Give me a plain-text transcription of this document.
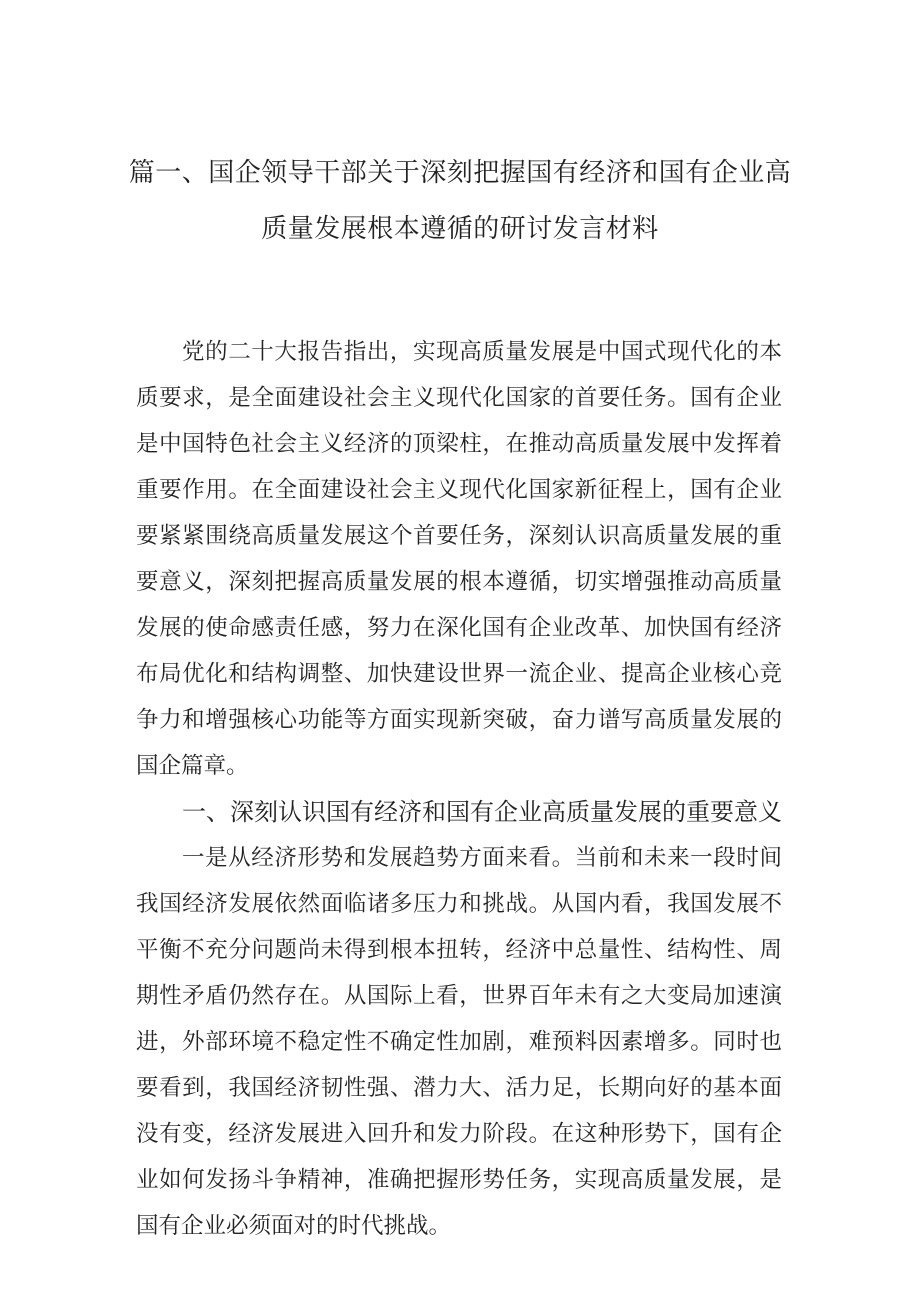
篇一、国企领导干部关于深刻把握国有经济和国有企业高
质量发展根本遵循的研讨发言材料
党的二十大报告指出，实现高质量发展是中国式现代化的本
质要求，是全面建设社会主义现代化国家的首要任务。国有企业
是中国特色社会主义经济的顶梁柱，在推动高质量发展中发挥着
重要作用。在全面建设社会主义现代化国家新征程上，国有企业
要紧紧围绕高质量发展这个首要任务，深刻认识高质量发展的重
要意义，深刻把握高质量发展的根本遵循，切实增强推动高质量
发展的使命感责任感，努力在深化国有企业改革、加快国有经济
布局优化和结构调整、加快建设世界一流企业、提高企业核心竞
争力和增强核心功能等方面实现新突破，奋力谱写高质量发展的
国企篇章。
一、深刻认识国有经济和国有企业高质量发展的重要意义
一是从经济形势和发展趋势方面来看。当前和未来一段时间
我国经济发展依然面临诸多压力和挑战。从国内看，我国发展不
平衡不充分问题尚未得到根本扭转，经济中总量性、结构性、周
期性矛盾仍然存在。从国际上看，世界百年未有之大变局加速演
进，外部环境不稳定性不确定性加剧，难预料因素增多。同时也
要看到，我国经济韧性强、潜力大、活力足，长期向好的基本面
没有变，经济发展进入回升和发力阶段。在这种形势下，国有企
业如何发扬斗争精神，准确把握形势任务，实现高质量发展，是
国有企业必须面对的时代挑战。
